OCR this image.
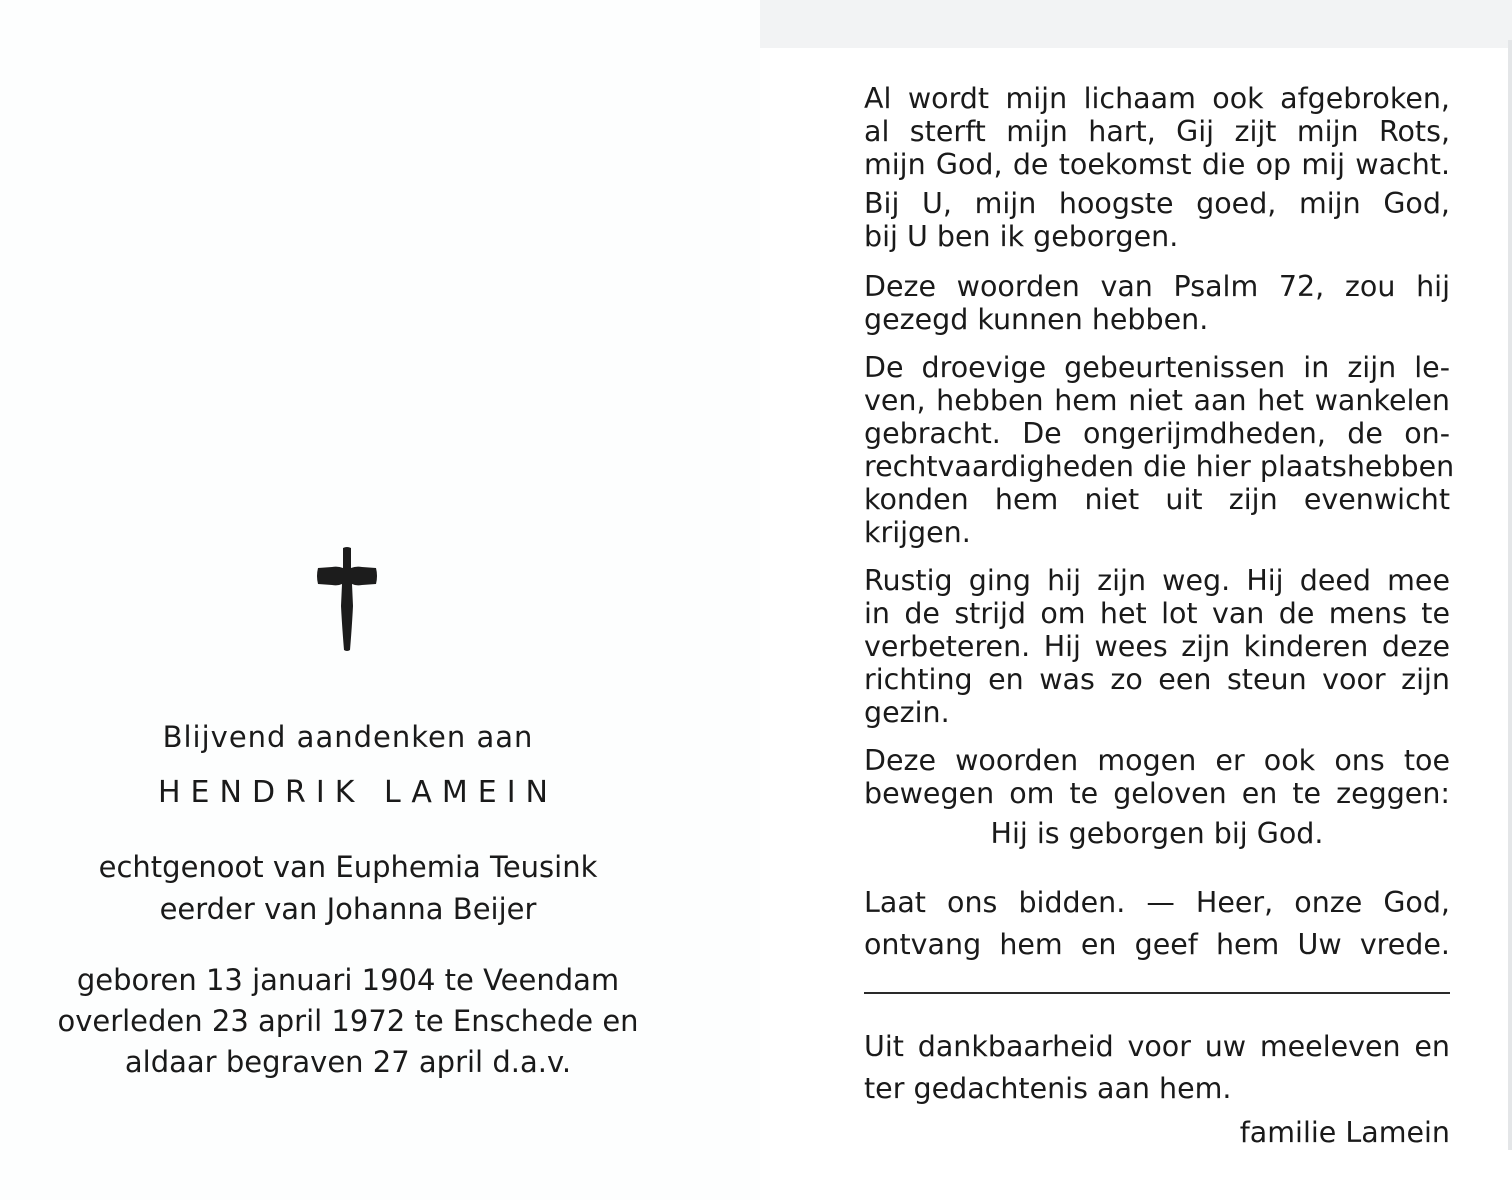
Blijvend aandenken aan
HENDRIK LAMEIN
echtgenoot van Euphemia Teusink
eerder van Johanna Beijer
geboren 13 januari 1904 te Veendam
overleden 23 april 1972 te Enschede en
aldaar begraven 27 april d.a.v.
Al wordt mijn lichaam ook afgebroken,
al sterft mijn hart, Gij zijt mijn Rots,
mijn God, de toekomst die op mij wacht.
Bij U, mijn hoogste goed, mijn God,
bij U ben ik geborgen.
Deze woorden van Psalm 72, zou hij
gezegd kunnen hebben.
De droevige gebeurtenissen in zijn le-
ven, hebben hem niet aan het wankelen
gebracht. De ongerijmdheden, de on-
rechtvaardigheden die hier plaatshebben
konden hem niet uit zijn evenwicht
krijgen.
Rustig ging hij zijn weg. Hij deed mee
in de strijd om het lot van de mens te
verbeteren. Hij wees zijn kinderen deze
richting en was zo een steun voor zijn
gezin.
Deze woorden mogen er ook ons toe
bewegen om te geloven en te zeggen:
Hij is geborgen bij God.
Laat ons bidden. — Heer, onze God,
ontvang hem en geef hem Uw vrede.
Uit dankbaarheid voor uw meeleven en
ter gedachtenis aan hem.
familie Lamein
